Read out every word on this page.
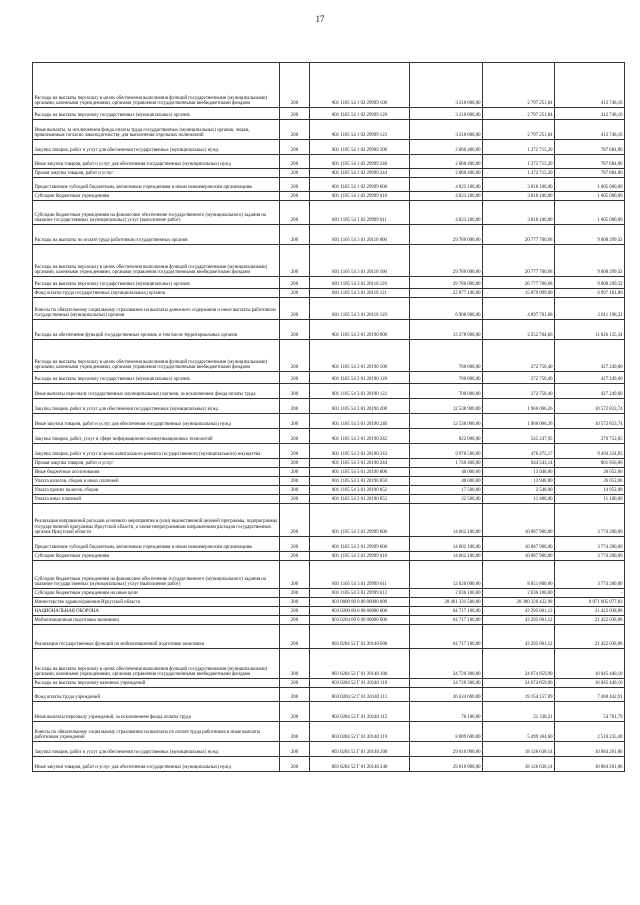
17
Расходы на выплаты персоналу в целях обеспечения выполнения функций государственными (муниципальными) органами, казенными учреждениями, органами управления государственными внебюджетными фондами	200	801 1105 54 1 02 29999 100	3 210 000,00	2 797 251,84	412 748,16
Расходы на выплаты персоналу государственных (муниципальных) органов	200	801 1105 54 1 02 29999 120	3 210 000,00	2 797 251,84	412 748,16
Иные выплаты, за исключением фонда оплаты труда государственных (муниципальных) органов, лицам, привлекаемым согласно законодательству для выполнения отдельных полномочий	200	801 1105 54 1 02 29999 123	3 210 000,00	2 797 251,84	412 748,16
Закупка товаров, работ и услуг для обеспечения государственных (муниципальных) нужд	200	801 1105 54 1 02 29999 200	2 060 400,00	1 272 715,20	787 684,80
Иные закупки товаров, работ и услуг для обеспечения государственных (муниципальных) нужд	200	801 1105 54 1 02 29999 240	2 060 400,00	1 272 715,20	787 684,80
Прочая закупка товаров, работ и услуг	200	801 1105 54 1 02 29999 244	2 060 400,00	1 272 715,20	787 684,80
Предоставление субсидий бюджетным, автономным учреждениям и иным некоммерческим организациям	200	801 1105 54 1 02 29999 600	4 823 100,00	3 818 100,00	1 005 000,00
Субсидии бюджетным учреждениям	200	801 1105 54 1 02 29999 610	4 823 100,00	3 818 100,00	1 005 000,00
Субсидии бюджетным учреждениям на финансовое обеспечение государственного (муниципального) задания на оказание государственных (муниципальных) услуг (выполнение работ)	200	801 1105 54 1 02 29999 611	4 823 100,00	3 818 100,00	1 005 000,00
Расходы на выплаты по оплате труда работников государственных органов	200	801 1105 54 3 01 20110 000	29 786 000,00	20 777 700,68	9 008 299,32
Расходы на выплаты персоналу в целях обеспечения выполнения функций государственными (муниципальными) органами, казенными учреждениями, органами управления государственными внебюджетными фондами	200	801 1105 54 3 01 20110 100	29 786 000,00	20 777 700,68	9 008 299,32
Расходы на выплаты персоналу государственных (муниципальных) органов	200	801 1105 54 3 01 20110 120	29 786 000,00	20 777 700,68	9 008 299,32
Фонд оплаты труда государственных (муниципальных) органов	200	801 1105 54 3 01 20110 121	22 877 100,00	15 879 999,00	6 997 101,00
Взносы по обязательному социальному страхованию на выплаты денежного содержания и иные выплаты работникам государственных (муниципальных) органов	200	801 1105 54 3 01 20110 129	6 908 900,00	4 897 701,68	2 011 198,32
Расходы на обеспечение функций государственных органов, в том числе территориальных органов	200	801 1105 54 3 01 20190 000	13 278 900,00	2 252 764,66	11 026 135,34
Расходы на выплаты персоналу в целях обеспечения выполнения функций государственными (муниципальными) органами, казенными учреждениями, органами управления государственными внебюджетными фондами	200	801 1105 54 3 01 20190 100	700 000,00	272 750,40	427 249,60
Расходы на выплаты персоналу государственных (муниципальных) органов	200	801 1105 54 3 01 20190 120	700 000,00	272 750,40	427 249,60
Иные выплаты персоналу государственных (муниципальных) органов, за исключением фонда оплаты труда	200	801 1105 54 3 01 20190 122	700 000,00	272 750,40	427 249,60
Закупка товаров, работ и услуг для обеспечения государственных (муниципальных) нужд	200	801 1105 54 3 01 20190 200	12 538 900,00	1 966 066,26	10 572 833,74
Иные закупки товаров, работ и услуг для обеспечения государственных (муниципальных) нужд	200	801 1105 54 3 01 20190 240	12 538 900,00	1 966 066,26	10 572 833,74
Закупка товаров, работ, услуг в сфере информационно-коммуникационных технологий	200	801 1105 54 3 01 20190 242	822 000,00	545 247,95	276 752,05
Закупка товаров, работ и услуг в целях капитального ремонта государственного (муниципального) имущества	200	801 1105 54 3 01 20190 243	9 970 500,00	476 275,17	9 494 224,83
Прочая закупка товаров, работ и услуг	200	801 1105 54 3 01 20190 244	1 746 400,00	944 543,14	801 856,86
Иные бюджетные ассигнования	200	801 1105 54 3 01 20190 800	40 000,00	13 948,00	26 052,00
Уплата налогов, сборов и иных платежей	200	801 1105 54 3 01 20190 850	40 000,00	13 948,00	26 052,00
Уплата прочих налогов, сборов	200	801 1105 54 3 01 20190 852	17 500,00	2 548,00	14 952,00
Уплата иных платежей	200	801 1105 54 3 01 20190 853	22 500,00	11 400,00	11 100,00
Реализация направлений расходов основного мероприятия и (или) ведомственной целевой программы, подпрограммы государственной программы Иркутской области, а также непрограммным направлениям расходов государственных органов Иркутской области	200	801 1105 54 3 01 29999 000	14 662 100,00	10 887 900,00	3 774 200,00
Предоставление субсидий бюджетным, автономным учреждениям и иным некоммерческим организациям	200	801 1105 54 3 01 29999 600	14 662 100,00	10 887 900,00	3 774 200,00
Субсидии бюджетным учреждениям	200	801 1105 54 3 01 29999 610	14 662 100,00	10 887 900,00	3 774 200,00
Субсидии бюджетным учреждениям на финансовое обеспечение государственного (муниципального) задания на оказание государственных (муниципальных) услуг (выполнение работ)	200	801 1105 54 3 01 29999 611	12 626 000,00	8 851 800,00	3 774 200,00
Субсидии бюджетным учреждениям на иные цели	200	801 1105 54 3 01 29999 612	2 036 100,00	2 036 100,00	-
Министерство здравоохранения Иркутской области	200	803 0000 00 0 00 00000 000	28 461 331 500,00	20 390 326 422,98	8 071 005 077,02
НАЦИОНАЛЬНАЯ ОБОРОНА	200	803 0200 00 0 00 00000 000	64 717 100,00	43 295 061,12	21 422 038,88
Мобилизационная подготовка экономики	200	803 0204 00 0 00 00000 000	64 717 100,00	43 295 061,12	21 422 038,88
Реализация государственных функций по мобилизационной подготовке экономики	200	803 0204 52 Г 01 20140 000	64 717 100,00	43 295 061,12	21 422 038,88
Расходы на выплаты персоналу в целях обеспечения выполнения функций государственными (муниципальными) органами, казенными учреждениями, органами управления государственными внебюджетными фондами	200	803 0204 52 Г 01 20140 100	34 720 300,00	24 674 859,90	10 045 440,10
Расходы на выплаты персоналу казенных учреждений	200	803 0204 52 Г 01 20140 110	34 720 300,00	24 674 859,90	10 045 440,10
Фонд оплаты труда учреждений	200	803 0204 52 Г 01 20140 111	26 634 600,00	19 154 157,09	7 480 442,91
Иные выплаты персоналу учреждений, за исключением фонда оплаты труда	200	803 0204 52 Г 01 20140 112	76 100,00	21 338,21	54 761,79
Взносы по обязательному социальному страхованию на выплаты по оплате труда работников и иные выплаты работникам учреждений	200	803 0204 52 Г 01 20140 119	8 009 600,00	5 499 364,60	2 510 235,40
Закупка товаров, работ и услуг для обеспечения государственных (муниципальных) нужд	200	803 0204 52 Г 01 20140 200	29 010 900,00	18 126 638,14	10 884 261,86
Иные закупки товаров, работ и услуг для обеспечения государственных (муниципальных) нужд	200	803 0204 52 Г 01 20140 240	29 010 900,00	18 126 638,14	10 884 261,86
